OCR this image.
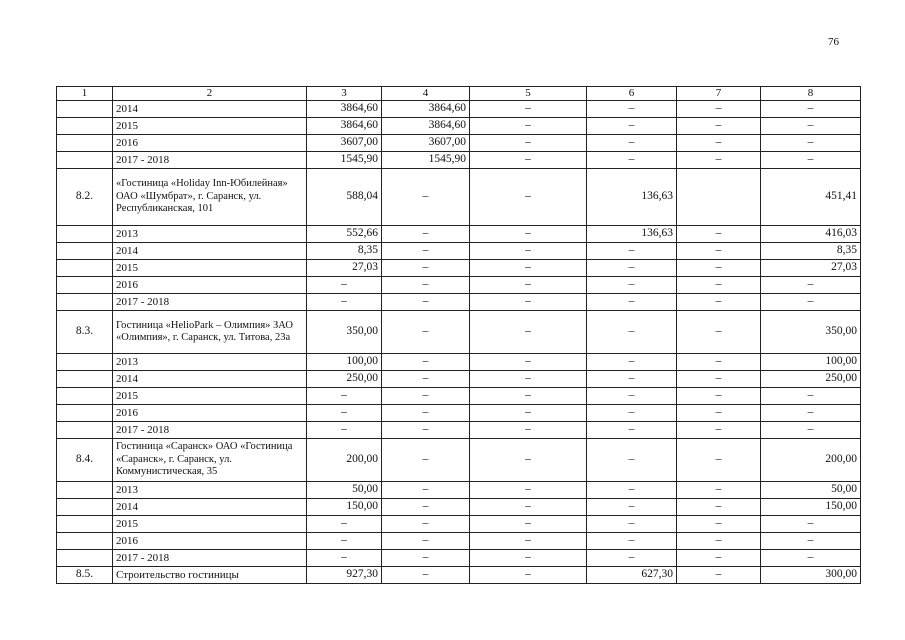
76
1	2	3	4	5	6	7	8
	2014	3864,60	3864,60	–	–	–	–
	2015	3864,60	3864,60	–	–	–	–
	2016	3607,00	3607,00	–	–	–	–
	2017 - 2018	1545,90	1545,90	–	–	–	–
8.2.	«Гостиница «Holiday Inn-Юбилейная» ОАО «Шумбрат», г. Саранск, ул. Республиканская, 101	588,04	–	–	136,63		451,41
	2013	552,66	–	–	136,63	–	416,03
	2014	8,35	–	–	–	–	8,35
	2015	27,03	–	–	–	–	27,03
	2016	–	–	–	–	–	–
	2017 - 2018	–	–	–	–	–	–
8.3.	Гостиница «HelioPark – Олимпия» ЗАО «Олимпия», г. Саранск, ул. Титова, 23а	350,00	–	–	–	–	350,00
	2013	100,00	–	–	–	–	100,00
	2014	250,00	–	–	–	–	250,00
	2015	–	–	–	–	–	–
	2016	–	–	–	–	–	–
	2017 - 2018	–	–	–	–	–	–
8.4.	Гостиница «Саранск» ОАО «Гостиница «Саранск», г. Саранск, ул. Коммунистическая, 35	200,00	–	–	–	–	200,00
	2013	50,00	–	–	–	–	50,00
	2014	150,00	–	–	–	–	150,00
	2015	–	–	–	–	–	–
	2016	–	–	–	–	–	–
	2017 - 2018	–	–	–	–	–	–
8.5.	Строительство гостиницы	927,30	–	–	627,30	–	300,00
